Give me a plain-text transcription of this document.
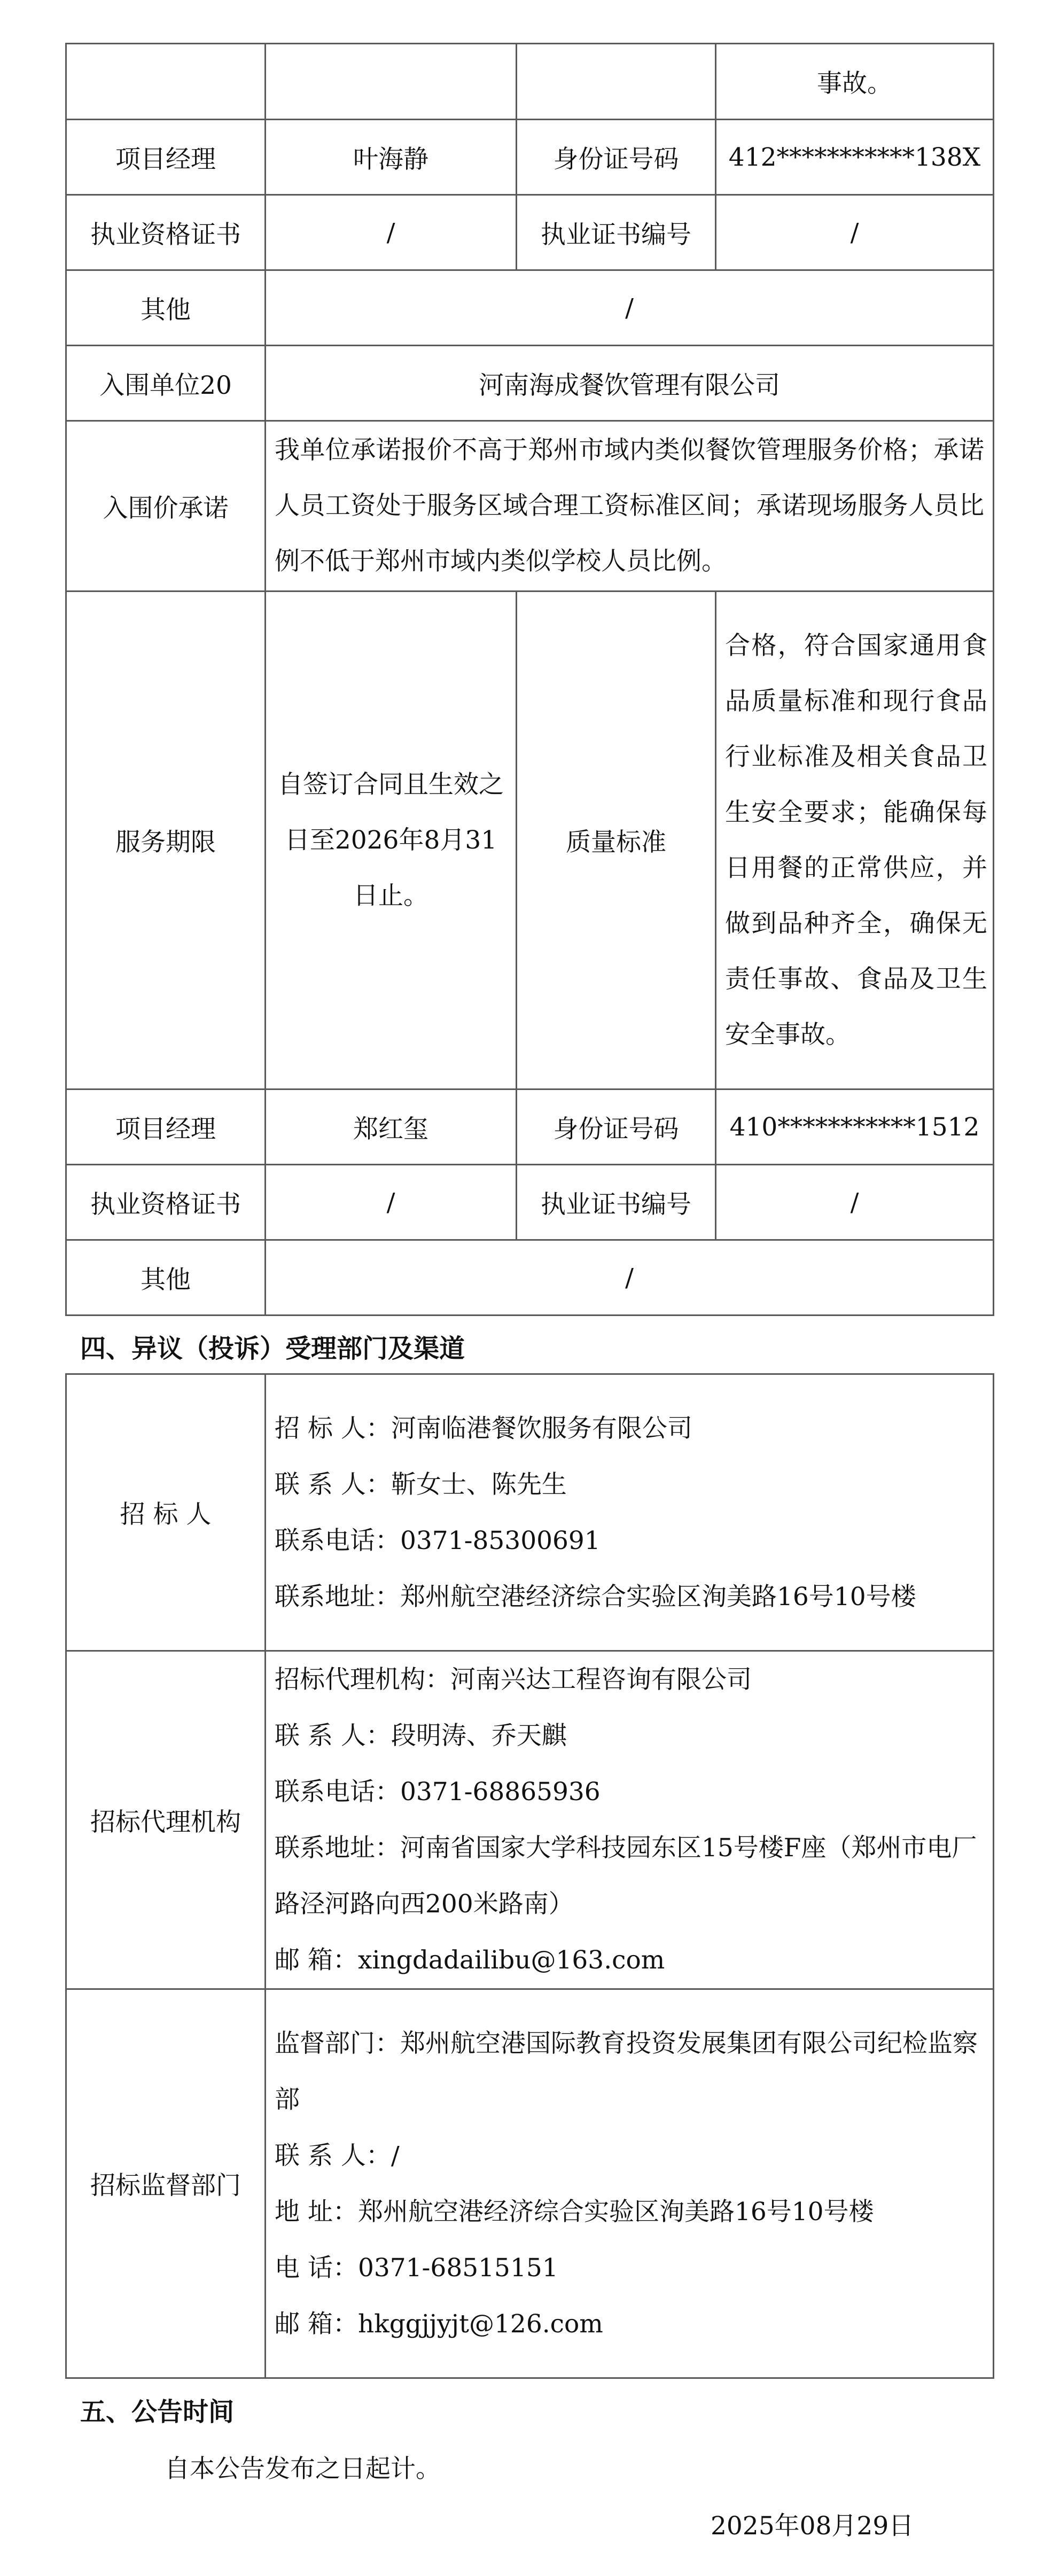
			事故。
项目经理	叶海静	身份证号码	412***********138X
执业资格证书	/	执业证书编号	/
其他	/		
入围单位20	河南海成餐饮管理有限公司		
入围价承诺	我单位承诺报价不高于郑州市域内类似餐饮管理服务价格；承诺人员工资处于服务区域合理工资标准区间；承诺现场服务人员比例不低于郑州市域内类似学校人员比例。		
服务期限	自签订合同且生效之日至2026年8月31日止。	质量标准	合格，符合国家通用食品质量标准和现行食品行业标准及相关食品卫生安全要求；能确保每日用餐的正常供应，并做到品种齐全，确保无责任事故、食品及卫生安全事故。
项目经理	郑红玺	身份证号码	410***********1512
执业资格证书	/	执业证书编号	/
其他	/		
四、异议（投诉）受理部门及渠道
招 标 人	招 标 人：河南临港餐饮服务有限公司
联 系 人：靳女士、陈先生
联系电话：0371-85300691
联系地址：郑州航空港经济综合实验区洵美路16号10号楼

招标代理机构	招标代理机构：河南兴达工程咨询有限公司
联 系 人：段明涛、乔天麒
联系电话：0371-68865936
联系地址：河南省国家大学科技园东区15号楼F座（郑州市电厂路泾河路向西200米路南）
邮 箱：xingdadailibu@163.com

招标监督部门	监督部门：郑州航空港国际教育投资发展集团有限公司纪检监察部
联 系 人：/
地 址：郑州航空港经济综合实验区洵美路16号10号楼
电 话：0371-68515151
邮 箱：hkggjjyjt@126.com
五、公告时间
自本公告发布之日起计。
2025年08月29日
